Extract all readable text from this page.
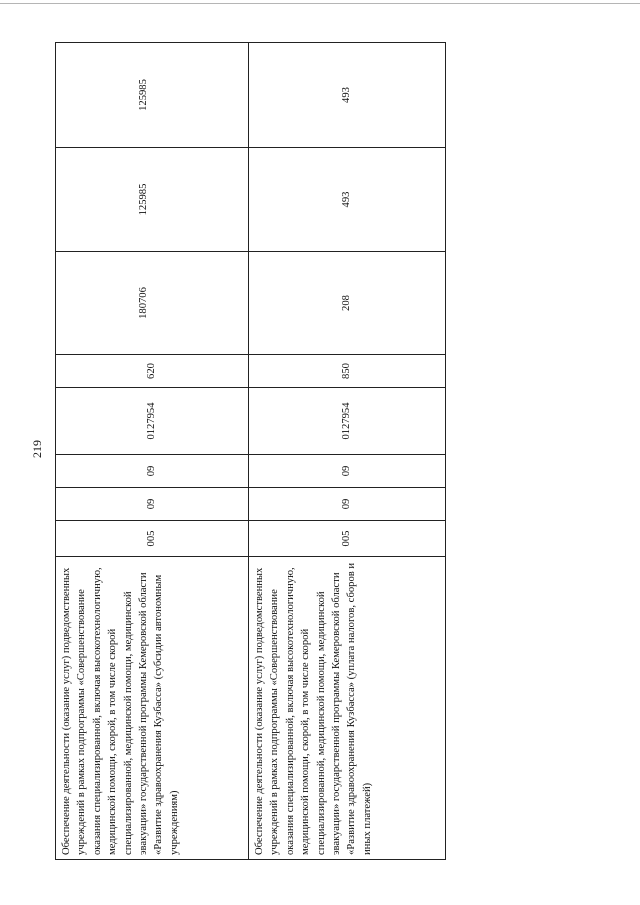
219
Обеспечение деятельности (оказание услуг) подведомственных учреждений в рамках подпрограммы «Совершенствование оказания специализированной, включая высокотехнологичную, медицинской помощи, скорой, в том числе скорой специализированной, медицинской помощи, медицинской эвакуации» государственной программы Кемеровской области «Развитие здравоохранения Кузбасса» (субсидии автономным учреждениям)	005	09	09	0127954	620	180706	125985	125985
Обеспечение деятельности (оказание услуг) подведомственных учреждений в рамках подпрограммы «Совершенствование оказания специализированной, включая высокотехнологичную, медицинской помощи, скорой, в том числе скорой специализированной, медицинской помощи, медицинской эвакуации» государственной программы Кемеровской области «Развитие здравоохранения Кузбасса» (уплата налогов, сборов и иных платежей)	005	09	09	0127954	850	208	493	493
